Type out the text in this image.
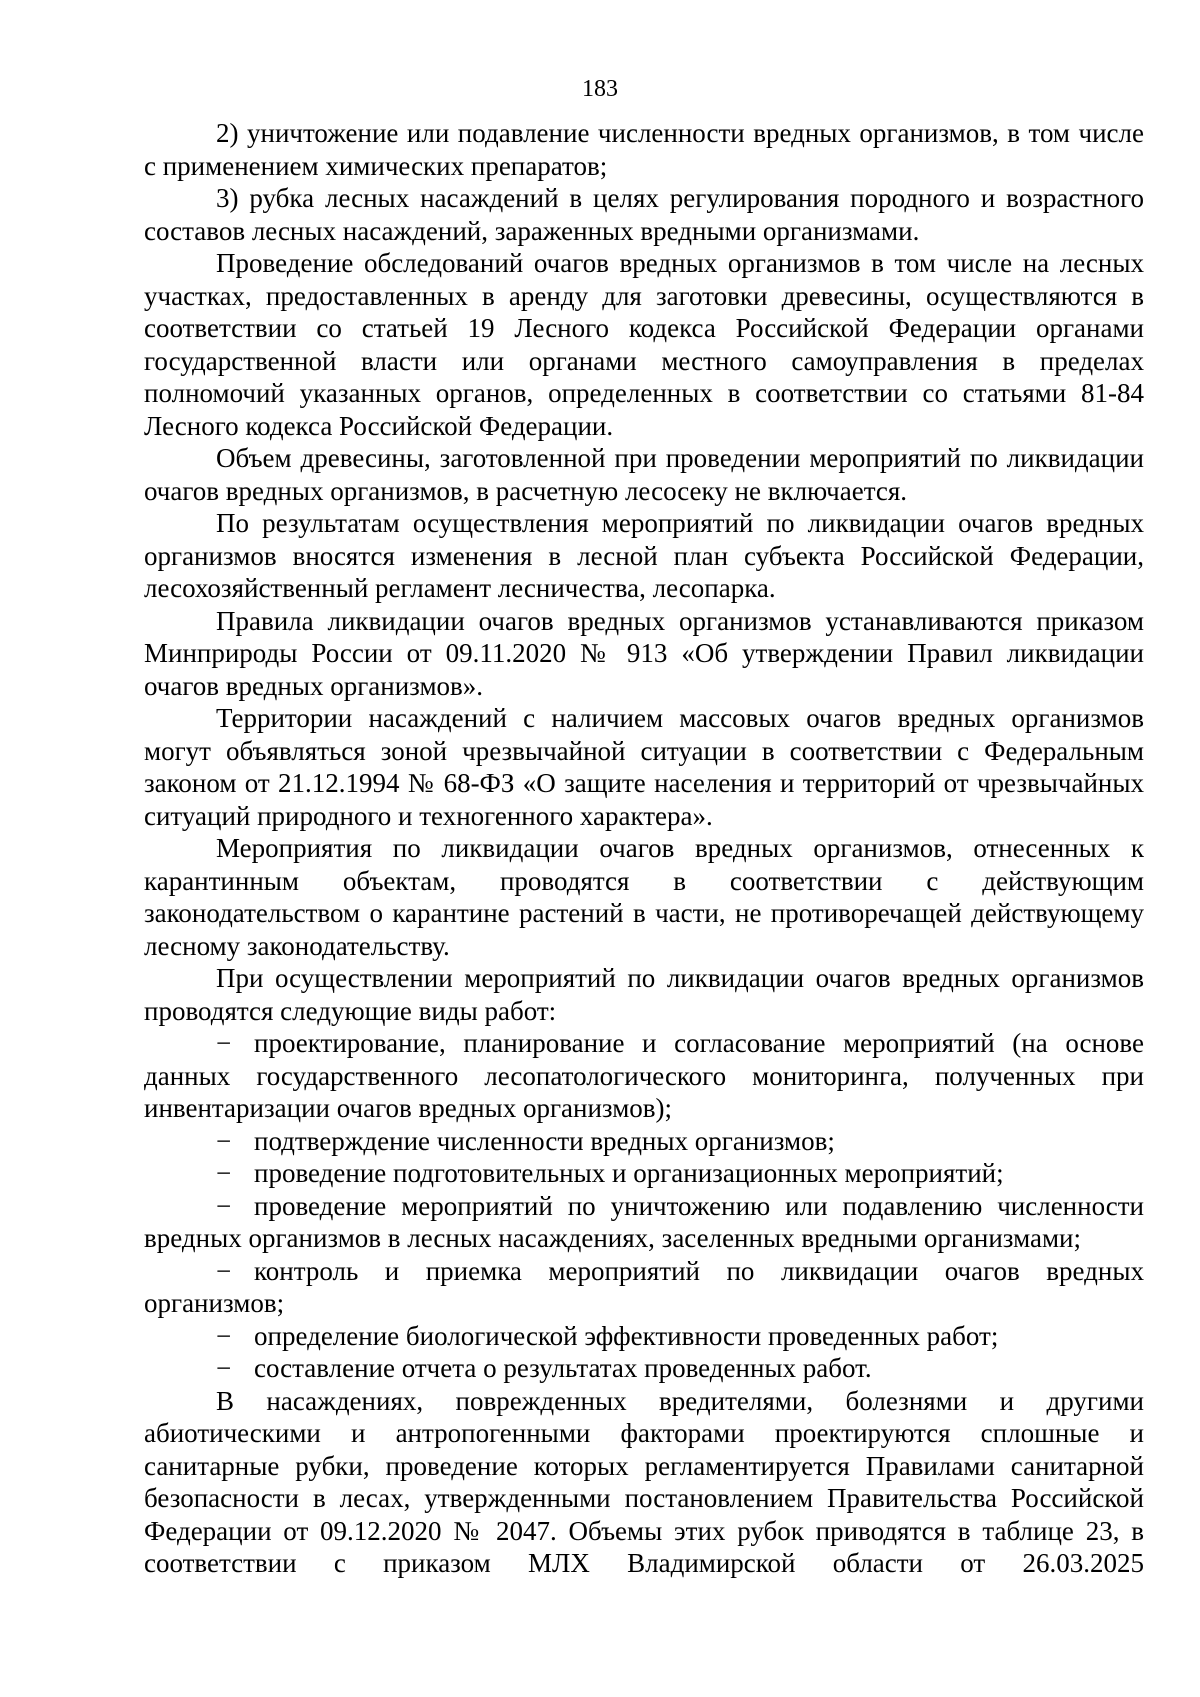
183

2) уничтожение или подавление численности вредных организмов, в том числе с применением химических препаратов;

3) рубка лесных насаждений в целях регулирования породного и возрастного составов лесных насаждений, зараженных вредными организмами.

Проведение обследований очагов вредных организмов в том числе на лесных участках, предоставленных в аренду для заготовки древесины, осуществляются в соответствии со статьей 19 Лесного кодекса Российской Федерации органами государственной власти или органами местного самоуправления в пределах полномочий указанных органов, определенных в соответствии со статьями 81-84 Лесного кодекса Российской Федерации.

Объем древесины, заготовленной при проведении мероприятий по ликвидации очагов вредных организмов, в расчетную лесосеку не включается.

По результатам осуществления мероприятий по ликвидации очагов вредных организмов вносятся изменения в лесной план субъекта Российской Федерации, лесохозяйственный регламент лесничества, лесопарка.

Правила ликвидации очагов вредных организмов устанавливаются приказом Минприроды России от 09.11.2020 № 913 «Об утверждении Правил ликвидации очагов вредных организмов».

Территории насаждений с наличием массовых очагов вредных организмов могут объявляться зоной чрезвычайной ситуации в соответствии с Федеральным законом от 21.12.1994 № 68-ФЗ «О защите населения и территорий от чрезвычайных ситуаций природного и техногенного характера».

Мероприятия по ликвидации очагов вредных организмов, отнесенных к карантинным объектам, проводятся в соответствии с действующим законодательством о карантине растений в части, не противоречащей действующему лесному законодательству.

При осуществлении мероприятий по ликвидации очагов вредных организмов проводятся следующие виды работ:

− проектирование, планирование и согласование мероприятий (на основе данных государственного лесопатологического мониторинга, полученных при инвентаризации очагов вредных организмов);

− подтверждение численности вредных организмов;

− проведение подготовительных и организационных мероприятий;

− проведение мероприятий по уничтожению или подавлению численности вредных организмов в лесных насаждениях, заселенных вредными организмами;

− контроль и приемка мероприятий по ликвидации очагов вредных организмов;

− определение биологической эффективности проведенных работ;

− составление отчета о результатах проведенных работ.

В насаждениях, поврежденных вредителями, болезнями и другими абиотическими и антропогенными факторами проектируются сплошные и санитарные рубки, проведение которых регламентируется Правилами санитарной безопасности в лесах, утвержденными постановлением Правительства Российской Федерации от 09.12.2020 № 2047. Объемы этих рубок приводятся в таблице 23, в соответствии с приказом МЛХ Владимирской области от 26.03.2025
